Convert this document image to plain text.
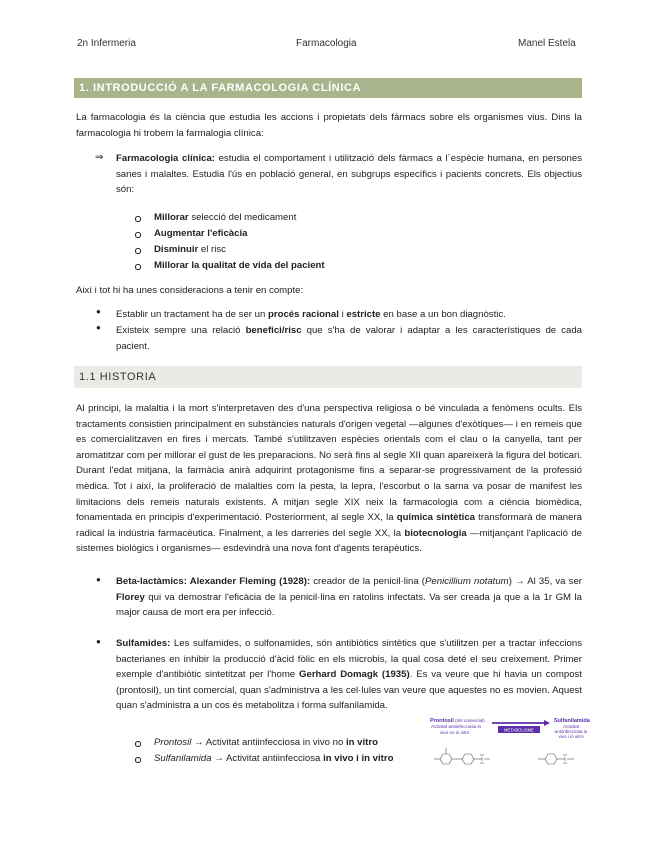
2n Infermeria	Farmacologia	Manel Estela
1. INTRODUCCIÓ A LA FARMACOLOGIA CLÍNICA

La farmacologia és la ciència que estudia les accions i propietats dels fàrmacs sobre els organismes vius. Dins la farmacologia hi trobem la farmalogia clínica:

⇒ Farmacologia clínica: estudia el comportament i utilització dels fàrmacs a l´espècie humana, en persones sanes i malaltes. Estudia l'ús en població general, en subgrups específics i pacients concrets. Els objectius són:

Millorar selecció del medicament
Augmentar l'eficàcia
Disminuir el risc
Millorar la qualitat de vida del pacient

Així i tot hi ha unes consideracions a tenir en compte:

● Establir un tractament ha de ser un procés racional i estricte en base a un bon diagnòstic.

● Existeix sempre una relació benefici/risc que s'ha de valorar i adaptar a les característiques de cada pacient.

1.1 HISTORIA

Al principi, la malaltia i la mort s'interpretaven des d'una perspectiva religiosa o bé vinculada a fenòmens ocults. Els tractaments consistien principalment en substàncies naturals d'origen vegetal —algunes d'exòtiques— i en remeis que es comercialitzaven en fires i mercats. També s'utilitzaven espècies orientals com el clau o la canyella, tant per aromatitzar com per millorar el gust de les preparacions. No serà fins al segle XII quan apareixerà la figura del boticari. Durant l'edat mitjana, la farmàcia anirà adquirint protagonisme fins a separar-se progressivament de la professió mèdica. Tot i així, la proliferació de malalties com la pesta, la lepra, l'escorbut o la sarna va posar de manifest les limitacions dels remeis naturals existents. A mitjan segle XIX neix la farmacologia com a ciència biomèdica, fonamentada en principis d'experimentació. Posteriorment, al segle XX, la química sintètica transformarà de manera radical la indústria farmacèutica. Finalment, a les darreries del segle XX, la biotecnologia —mitjançant l'aplicació de sistemes biològics i organismes— esdevindrà una nova font d'agents terapèutics.

● Beta-lactàmics: Alexander Fleming (1928): creador de la penicil·lina (Penicillium notatum) → Al 35, va ser Florey qui va demostrar l'eficàcia de la penicil·lina en ratolins infectats. Va ser creada ja que a la 1r GM la major causa de mort era per infecció.

● Sulfamides: Les sulfamides, o sulfonamides, són antibiòtics sintètics que s'utilitzen per a tractar infeccions bacterianes en inhibir la producció d'àcid fòlic en els microbis, la qual cosa deté el seu creixement. Primer exemple d'antibiòtic sintetitzat per l'home Gerhard Domagk (1935). Es va veure que hi havia un compost (prontosil), un tint comercial, quan s'administrva a les cel·lules van veure que aquestes no es movien. Aquest quan s'administra a un cos és metabolitza i forma sulfanilamida.

Prontosil → Activitat antiinfecciosa in vivo no in vitro
Sulfanilamida → Activitat antiinfecciosa in vivo i in vitro
Prontosil (tint comercial)
Activitat antiinfecciosa in
vivo no in vitro	METABOLISME
Sulfanilamida
Activitat
antiinfecciosa in
vivo i in vitro
